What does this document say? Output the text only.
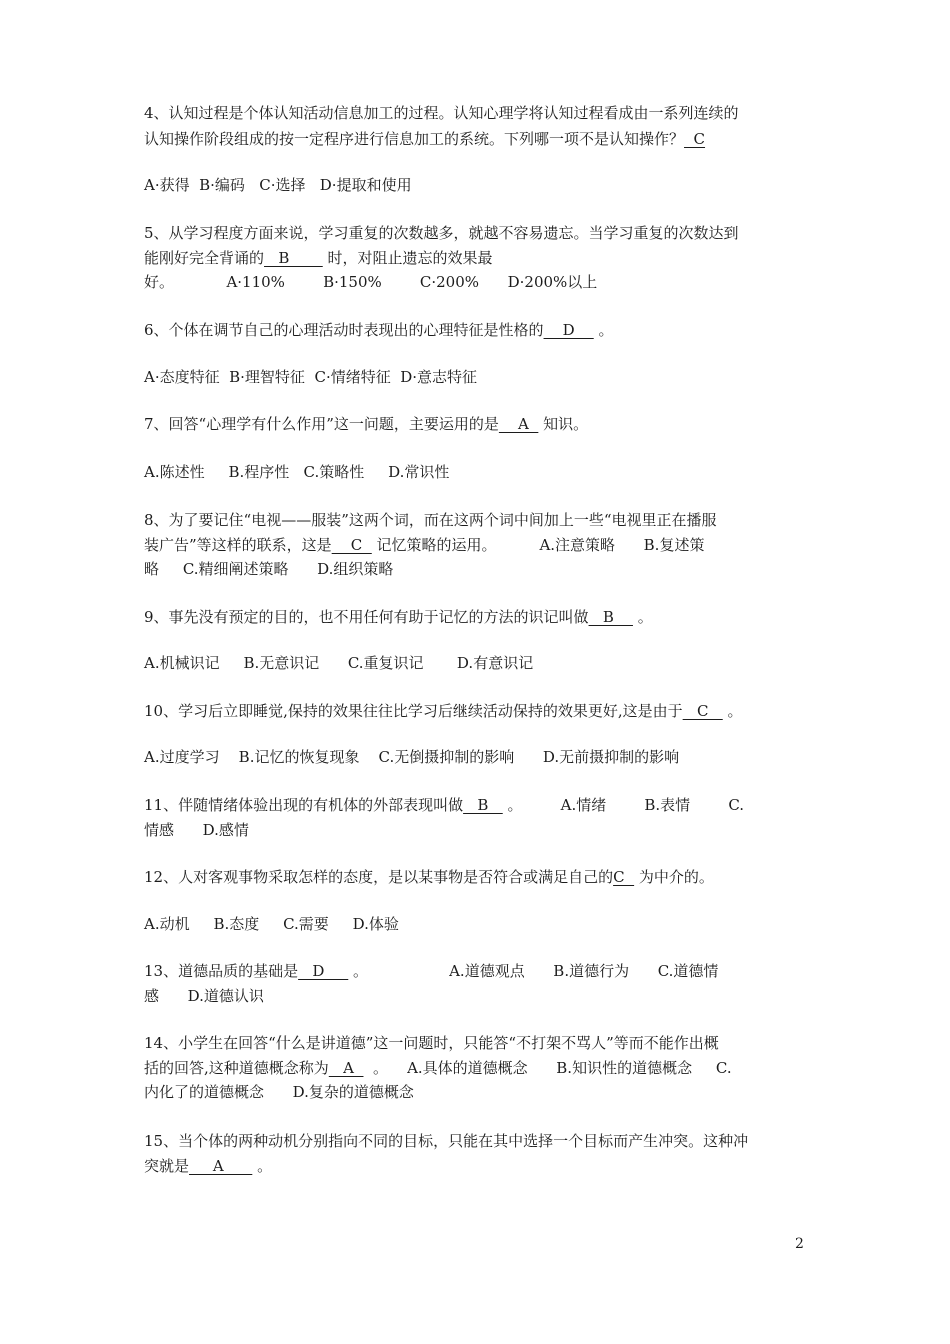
4、认知过程是个体认知活动信息加工的过程。认知心理学将认知过程看成由一系列连续的
认知操作阶段组成的按一定程序进行信息加工的系统。下列哪一项不是认知操作？  C
A·获得  B·编码   C·选择   D·提取和使用
5、从学习程度方面来说，学习重复的次数越多，就越不容易遗忘。当学习重复的次数达到
能刚好完全背诵的   B        时，对阻止遗忘的效果最
好。           A·110%        B·150%        C·200%      D·200%以上
6、个体在调节自己的心理活动时表现出的心理特征是性格的    D     。
A·态度特征  B·理智特征  C·情绪特征  D·意志特征
7、回答“心理学有什么作用”这一问题，主要运用的是    A   知识。
A.陈述性     B.程序性   C.策略性     D.常识性
8、为了要记住“电视——服装”这两个词，而在这两个词中间加上一些“电视里正在播服
装广告”等这样的联系，这是    C   记忆策略的运用。         A.注意策略      B.复述策
略     C.精细阐述策略      D.组织策略
9、事先没有预定的目的，也不用任何有助于记忆的方法的识记叫做   B     。
A.机械识记     B.无意识记      C.重复识记       D.有意识记
10、学习后立即睡觉,保持的效果往往比学习后继续活动保持的效果更好,这是由于   C    。
A.过度学习    B.记忆的恢复现象    C.无倒摄抑制的影响      D.无前摄抑制的影响
11、伴随情绪体验出现的有机体的外部表现叫做   B    。        A.情绪        B.表情        C.
情感      D.感情
12、人对客观事物采取怎样的态度，是以某事物是否符合或满足自己的C   为中介的。
A.动机     B.态度     C.需要     D.体验
13、道德品质的基础是   D      。                 A.道德观点      B.道德行为      C.道德情
感      D.道德认识
14、小学生在回答“什么是讲道德”这一问题时，只能答“不打架不骂人”等而不能作出概
括的回答,这种道德概念称为   A    。    A.具体的道德概念      B.知识性的道德概念     C.
内化了的道德概念      D.复杂的道德概念
15、当个体的两种动机分别指向不同的目标，只能在其中选择一个目标而产生冲突。这种冲
突就是     A       。
2
